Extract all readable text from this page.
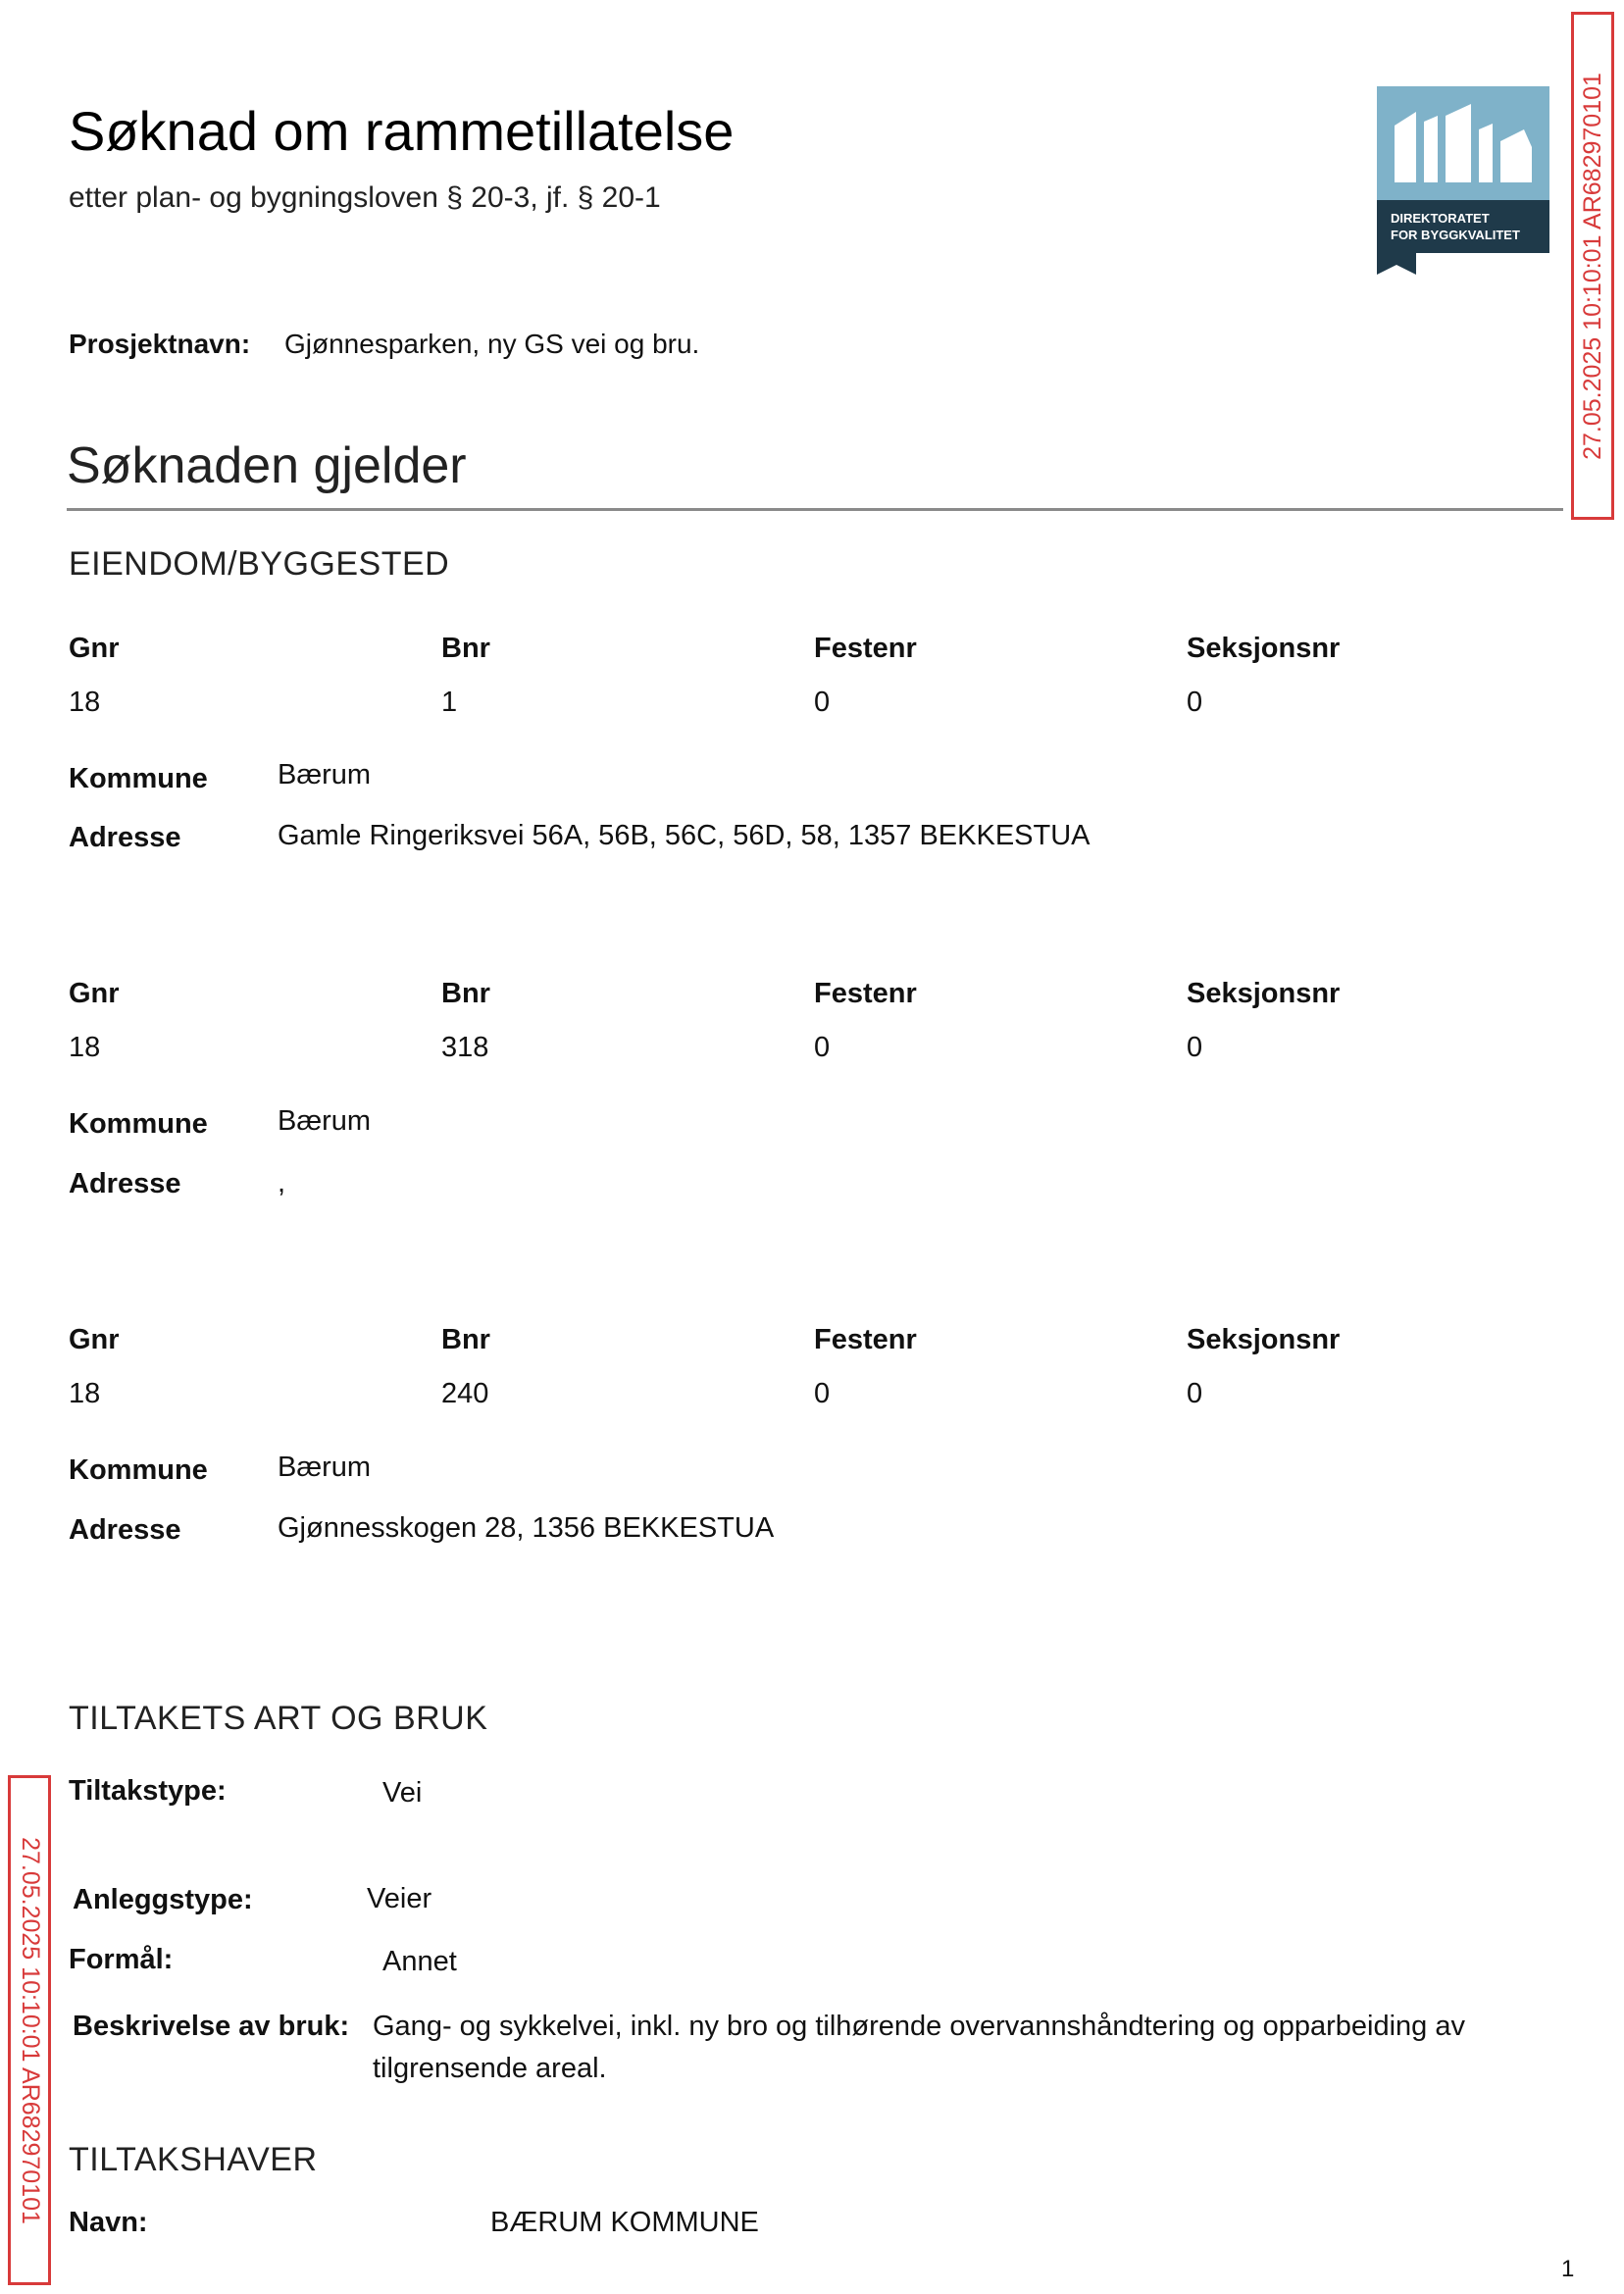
Søknad om rammetillatelse
etter plan- og bygningsloven § 20-3, jf. § 20-1
DIREKTORATET
FOR BYGGKVALITET
Prosjektnavn: Gjønnesparken, ny GS vei og bru.
Søknaden gjelder
EIENDOM/BYGGESTED
Gnr	Bnr	Festenr	Seksjonsnr
18	1	0	0
Kommune Bærum
Adresse	Gamle Ringeriksvei 56A, 56B, 56C, 56D, 58, 1357 BEKKESTUA
Gnr	Bnr	Festenr	Seksjonsnr
18	318	0	0
Kommune Bærum
Adresse	,
Gnr	Bnr	Festenr	Seksjonsnr
18	240	0	0
Kommune Bærum
Adresse	Gjønnesskogen 28, 1356 BEKKESTUA
TILTAKETS ART OG BRUK
Tiltakstype:	Vei
Anleggstype:	Veier
Formål:	Annet
Beskrivelse av bruk: Gang- og sykkelvei, inkl. ny bro og tilhørende overvannshåndtering og opparbeiding av
tilgrensende areal.
TILTAKSHAVER
Navn:	BÆRUM KOMMUNE
27.05.2025 10:10:01 AR682970101
27.05.2025 10:10:01 AR682970101
1
